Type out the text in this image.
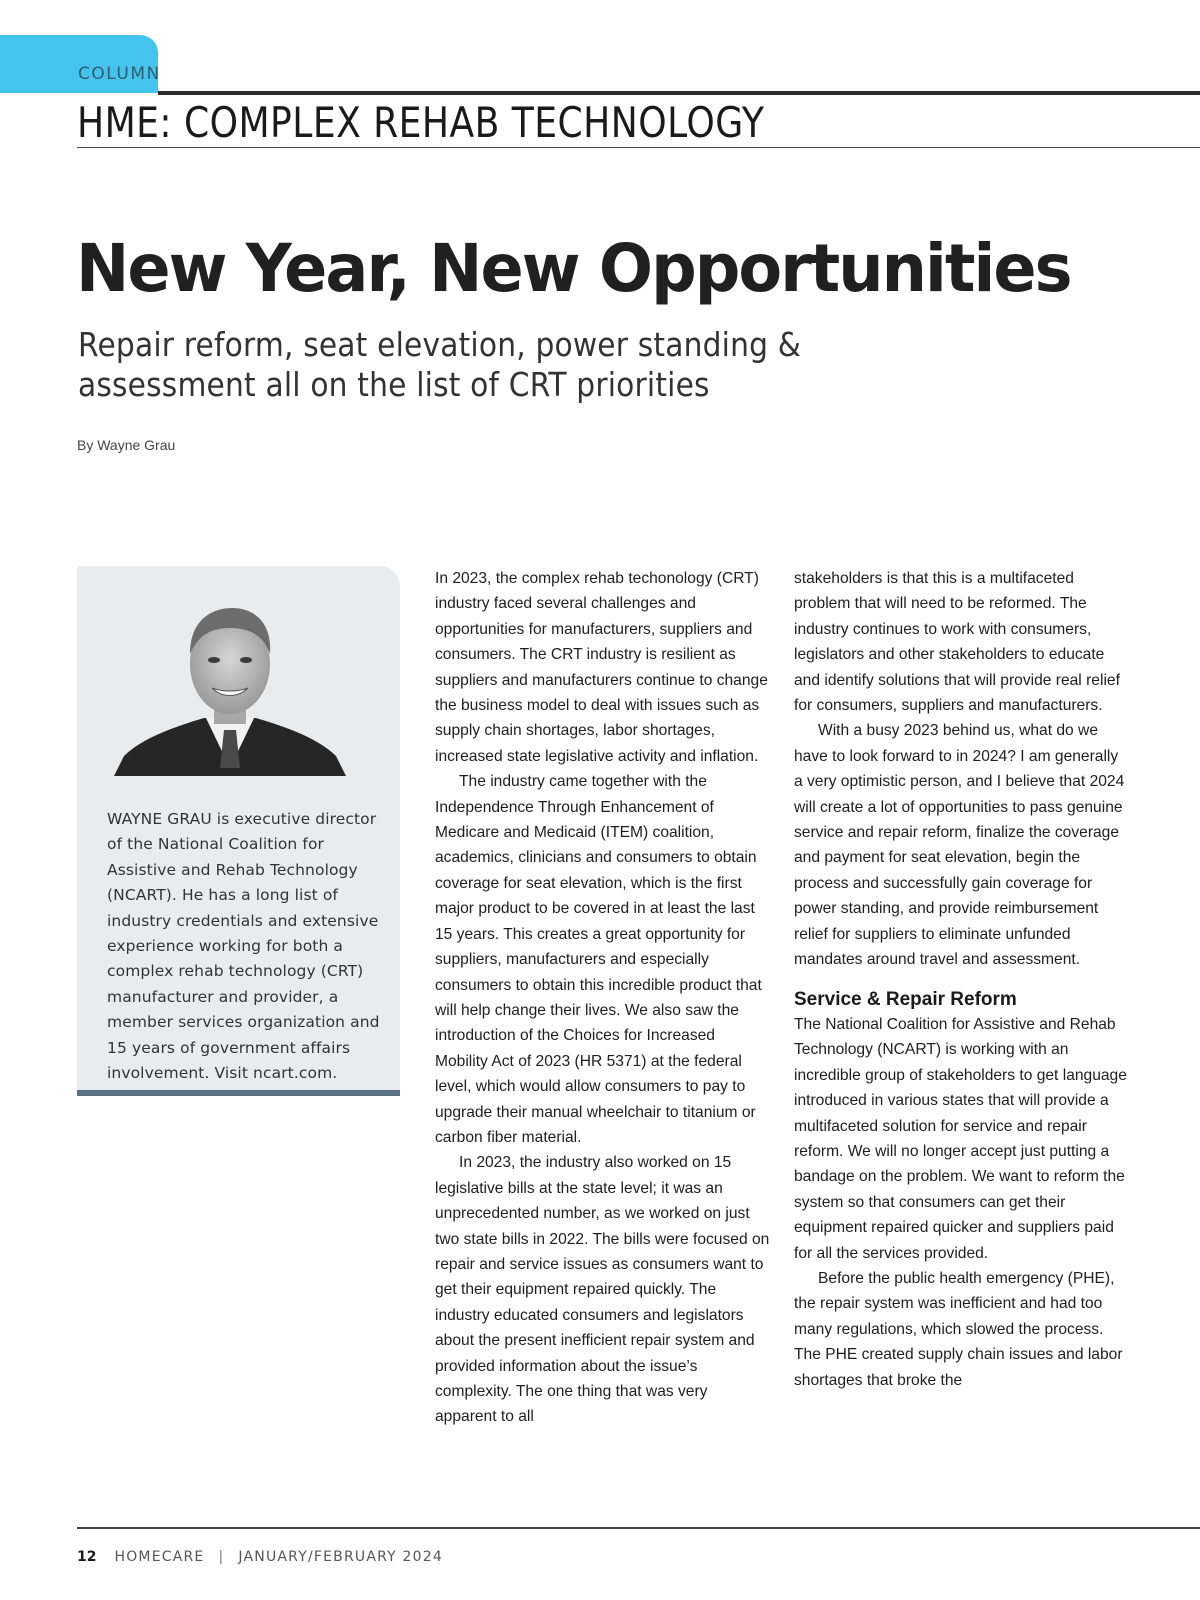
COLUMN
HME: COMPLEX REHAB TECHNOLOGY
New Year, New Opportunities
Repair reform, seat elevation, power standing & assessment all on the list of CRT priorities
By Wayne Grau
WAYNE GRAU is executive director of the National Coalition for Assistive and Rehab Technology (NCART). He has a long list of industry credentials and extensive experience working for both a complex rehab technology (CRT) manufacturer and provider, a member services organization and 15 years of government affairs involvement. Visit ncart.com.

In 2023, the complex rehab techonology (CRT) industry faced several challenges and opportunities for manufacturers, suppliers and consumers. The CRT industry is resilient as suppliers and manufacturers continue to change the business model to deal with issues such as supply chain shortages, labor shortages, increased state legislative activity and inflation.

The industry came together with the Independence Through Enhancement of Medicare and Medicaid (ITEM) coalition, academics, clinicians and consumers to obtain coverage for seat elevation, which is the first major product to be covered in at least the last 15 years. This creates a great opportunity for suppliers, manufacturers and especially consumers to obtain this incredible product that will help change their lives. We also saw the introduction of the Choices for Increased Mobility Act of 2023 (HR 5371) at the federal level, which would allow consumers to pay to upgrade their manual wheelchair to titanium or carbon fiber material.

In 2023, the industry also worked on 15 legislative bills at the state level; it was an unprecedented number, as we worked on just two state bills in 2022. The bills were focused on repair and service issues as consumers want to get their equipment repaired quickly. The industry educated consumers and legislators about the present inefficient repair system and provided information about the issue’s complexity. The one thing that was very apparent to all

stakeholders is that this is a multifaceted problem that will need to be reformed. The industry continues to work with consumers, legislators and other stakeholders to educate and identify solutions that will provide real relief for consumers, suppliers and manufacturers.

With a busy 2023 behind us, what do we have to look forward to in 2024? I am generally a very optimistic person, and I believe that 2024 will create a lot of opportunities to pass genuine service and repair reform, finalize the coverage and payment for seat elevation, begin the process and successfully gain coverage for power standing, and provide reimbursement relief for suppliers to eliminate unfunded mandates around travel and assessment.

Service & Repair Reform

The National Coalition for Assistive and Rehab Technology (NCART) is working with an incredible group of stakeholders to get language introduced in various states that will provide a multifaceted solution for service and repair reform. We will no longer accept just putting a bandage on the problem. We want to reform the system so that consumers can get their equipment repaired quicker and suppliers paid for all the services provided.

Before the public health emergency (PHE), the repair system was inefficient and had too many regulations, which slowed the process. The PHE created supply chain issues and labor shortages that broke the

12 HOMECARE | JANUARY/FEBRUARY 2024
